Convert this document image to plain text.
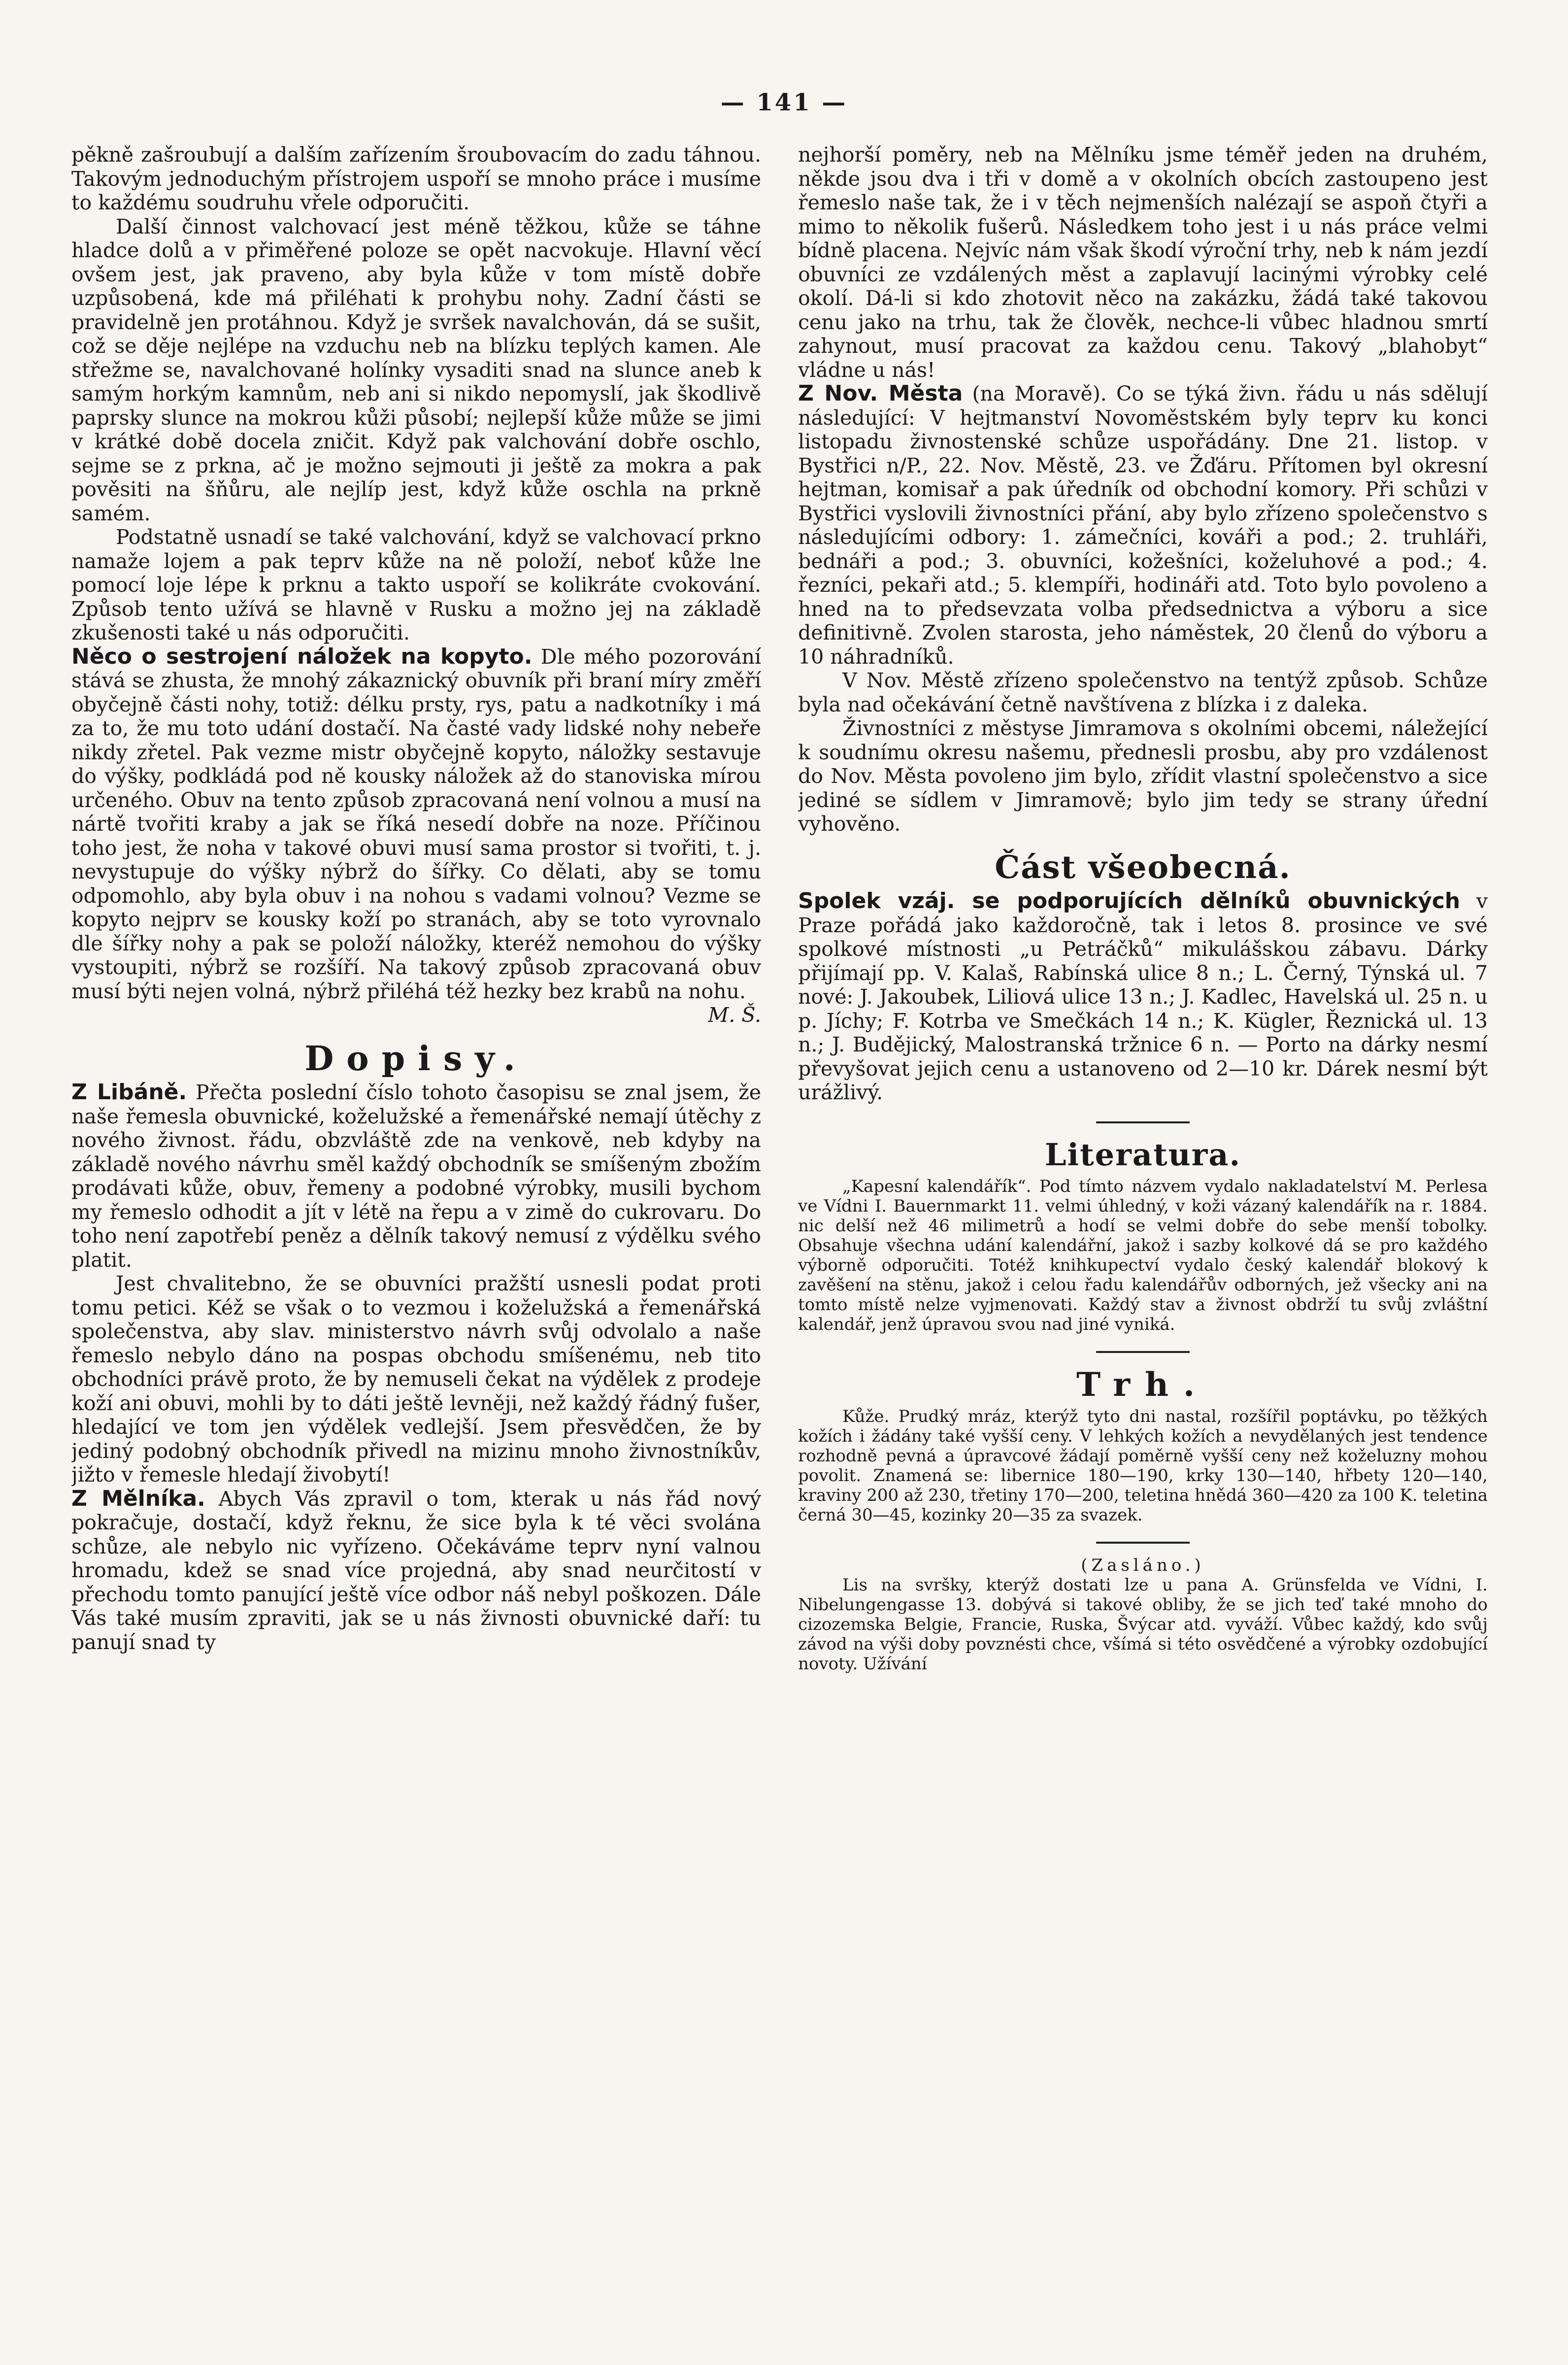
— 141 —

pěkně zašroubují a dalším zařízením šroubovacím do zadu táhnou. Takovým jednoduchým přístrojem uspoří se mnoho práce i musíme to každému soudruhu vřele odporučiti.

Další činnost valchovací jest méně těžkou, kůže se táhne hladce dolů a v přiměřené poloze se opět nacvokuje. Hlavní věcí ovšem jest, jak praveno, aby byla kůže v tom místě dobře uzpůsobená, kde má přiléhati k prohybu nohy. Zadní části se pravidelně jen protáhnou. Když je svršek navalchován, dá se sušit, což se děje nejlépe na vzduchu neb na blízku teplých kamen. Ale střežme se, navalchované holínky vysaditi snad na slunce aneb k samým horkým kamnům, neb ani si nikdo nepomyslí, jak škodlivě paprsky slunce na mokrou kůži působí; nejlepší kůže může se jimi v krátké době docela zničit. Když pak valchování dobře oschlo, sejme se z prkna, ač je možno sejmouti ji ještě za mokra a pak pověsiti na šňůru, ale nejlíp jest, když kůže oschla na prkně samém.

Podstatně usnadí se také valchování, když se valchovací prkno namaže lojem a pak teprv kůže na ně položí, neboť kůže lne pomocí loje lépe k prknu a takto uspoří se kolikráte cvokování. Způsob tento užívá se hlavně v Rusku a možno jej na základě zkušenosti také u nás odporučiti.

Něco o sestrojení náložek na kopyto. Dle mého pozorování stává se zhusta, že mnohý zákaznický obuvník při braní míry změří obyčejně části nohy, totiž: délku prsty, rys, patu a nadkotníky i má za to, že mu toto udání dostačí. Na časté vady lidské nohy nebeře nikdy zřetel. Pak vezme mistr obyčejně kopyto, náložky sestavuje do výšky, podkládá pod ně kousky náložek až do stanoviska mírou určeného. Obuv na tento způsob zpracovaná není volnou a musí na nártě tvořiti kraby a jak se říká nesedí dobře na noze. Příčinou toho jest, že noha v takové obuvi musí sama prostor si tvořiti, t. j. nevystupuje do výšky nýbrž do šířky. Co dělati, aby se tomu odpomohlo, aby byla obuv i na nohou s vadami volnou? Vezme se kopyto nejprv se kousky koží po stranách, aby se toto vyrovnalo dle šířky nohy a pak se položí náložky, kteréž nemohou do výšky vystoupiti, nýbrž se rozšíří. Na takový způsob zpracovaná obuv musí býti nejen volná, nýbrž přiléhá též hezky bez krabů na nohu.

M. Š.

Dopisy.

Z Libáně. Přečta poslední číslo tohoto časopisu se znal jsem, že naše řemesla obuvnické, koželužské a řemenářské nemají útěchy z nového živnost. řádu, obzvláště zde na venkově, neb kdyby na základě nového návrhu směl každý obchodník se smíšeným zbožím prodávati kůže, obuv, řemeny a podobné výrobky, musili bychom my řemeslo odhodit a jít v létě na řepu a v zimě do cukrovaru. Do toho není zapotřebí peněz a dělník takový nemusí z výdělku svého platit.

Jest chvalitebno, že se obuvníci pražští usnesli podat proti tomu petici. Kéž se však o to vezmou i koželužská a řemenářská společenstva, aby slav. ministerstvo návrh svůj odvolalo a naše řemeslo nebylo dáno na pospas obchodu smíšenému, neb tito obchodníci právě proto, že by nemuseli čekat na výdělek z prodeje koží ani obuvi, mohli by to dáti ještě levněji, než každý řádný fušer, hledající ve tom jen výdělek vedlejší. Jsem přesvědčen, že by jediný podobný obchodník přivedl na mizinu mnoho živnostníkův, jižto v řemesle hledají živobytí!

Z Mělníka. Abych Vás zpravil o tom, kterak u nás řád nový pokračuje, dostačí, když řeknu, že sice byla k té věci svolána schůze, ale nebylo nic vyřízeno. Očekáváme teprv nyní valnou hromadu, kdež se snad více projedná, aby snad neurčitostí v přechodu tomto panující ještě více odbor náš nebyl poškozen. Dále Vás také musím zpraviti, jak se u nás živnosti obuvnické daří: tu panují snad ty

nejhorší poměry, neb na Mělníku jsme téměř jeden na druhém, někde jsou dva i tři v domě a v okolních obcích zastoupeno jest řemeslo naše tak, že i v těch nejmenších nalézají se aspoň čtyři a mimo to několik fušerů. Následkem toho jest i u nás práce velmi bídně placena. Nejvíc nám však škodí výroční trhy, neb k nám jezdí obuvníci ze vzdálených měst a zaplavují lacinými výrobky celé okolí. Dá-li si kdo zhotovit něco na zakázku, žádá také takovou cenu jako na trhu, tak že člověk, nechce-li vůbec hladnou smrtí zahynout, musí pracovat za každou cenu. Takový „blahobyt“ vládne u nás!

Z Nov. Města (na Moravě). Co se týká živn. řádu u nás sdělují následující: V hejtmanství Novoměstském byly teprv ku konci listopadu živnostenské schůze uspořádány. Dne 21. listop. v Bystřici n/P., 22. Nov. Městě, 23. ve Žďáru. Přítomen byl okresní hejtman, komisař a pak úředník od obchodní komory. Při schůzi v Bystřici vyslovili živnostníci přání, aby bylo zřízeno společenstvo s následujícími odbory: 1. zámečníci, kováři a pod.; 2. truhláři, bednáři a pod.; 3. obuvníci, kožešníci, koželuhové a pod.; 4. řezníci, pekaři atd.; 5. klempíři, hodináři atd. Toto bylo povoleno a hned na to předsevzata volba předsednictva a výboru a sice definitivně. Zvolen starosta, jeho náměstek, 20 členů do výboru a 10 náhradníků.

V Nov. Městě zřízeno společenstvo na tentýž způsob. Schůze byla nad očekávání četně navštívena z blízka i z daleka.

Živnostníci z městyse Jimramova s okolními obcemi, náležející k soudnímu okresu našemu, přednesli prosbu, aby pro vzdálenost do Nov. Města povoleno jim bylo, zřídit vlastní společenstvo a sice jediné se sídlem v Jimramově; bylo jim tedy se strany úřední vyhověno.

Část všeobecná.

Spolek vzáj. se podporujících dělníků obuvnických v Praze pořádá jako každoročně, tak i letos 8. prosince ve své spolkové místnosti „u Petráčků“ mikulášskou zábavu. Dárky přijímají pp. V. Kalaš, Rabínská ulice 8 n.; L. Černý, Týnská ul. 7 nové: J. Jakoubek, Liliová ulice 13 n.; J. Kadlec, Havelská ul. 25 n. u p. Jíchy; F. Kotrba ve Smečkách 14 n.; K. Kügler, Řeznická ul. 13 n.; J. Budějický, Malostranská tržnice 6 n. — Porto na dárky nesmí převyšovat jejich cenu a ustanoveno od 2—10 kr. Dárek nesmí být urážlivý.

Literatura.

„Kapesní kalendářík“. Pod tímto názvem vydalo nakladatelství M. Perlesa ve Vídni I. Bauernmarkt 11. velmi úhledný, v koži vázaný kalendářík na r. 1884. nic delší než 46 milimetrů a hodí se velmi dobře do sebe menší tobolky. Obsahuje všechna udání kalendářní, jakož i sazby kolkové dá se pro každého výborně odporučiti. Totéž knihkupectví vydalo český kalendář blokový k zavěšení na stěnu, jakož i celou řadu kalendářův odborných, jež všecky ani na tomto místě nelze vyjmenovati. Každý stav a živnost obdrží tu svůj zvláštní kalendář, jenž úpravou svou nad jiné vyniká.

Trh.

Kůže. Prudký mráz, kterýž tyto dni nastal, rozšířil poptávku, po těžkých kožích i žádány také vyšší ceny. V lehkých kožích a nevydělaných jest tendence rozhodně pevná a úpravcové žádají poměrně vyšší ceny než koželuzny mohou povolit. Znamená se: libernice 180—190, krky 130—140, hřbety 120—140, kraviny 200 až 230, třetiny 170—200, teletina hnědá 360—420 za 100 K. teletina černá 30—45, kozinky 20—35 za svazek.

(Zasláno.)

Lis na svršky, kterýž dostati lze u pana A. Grünsfelda ve Vídni, I. Nibelungengasse 13. dobývá si takové obliby, že se jich teď také mnoho do cizozemska Belgie, Francie, Ruska, Švýcar atd. vyváží. Vůbec každý, kdo svůj závod na výši doby povznésti chce, všímá si této osvědčené a výrobky ozdobující novoty. Užívání
